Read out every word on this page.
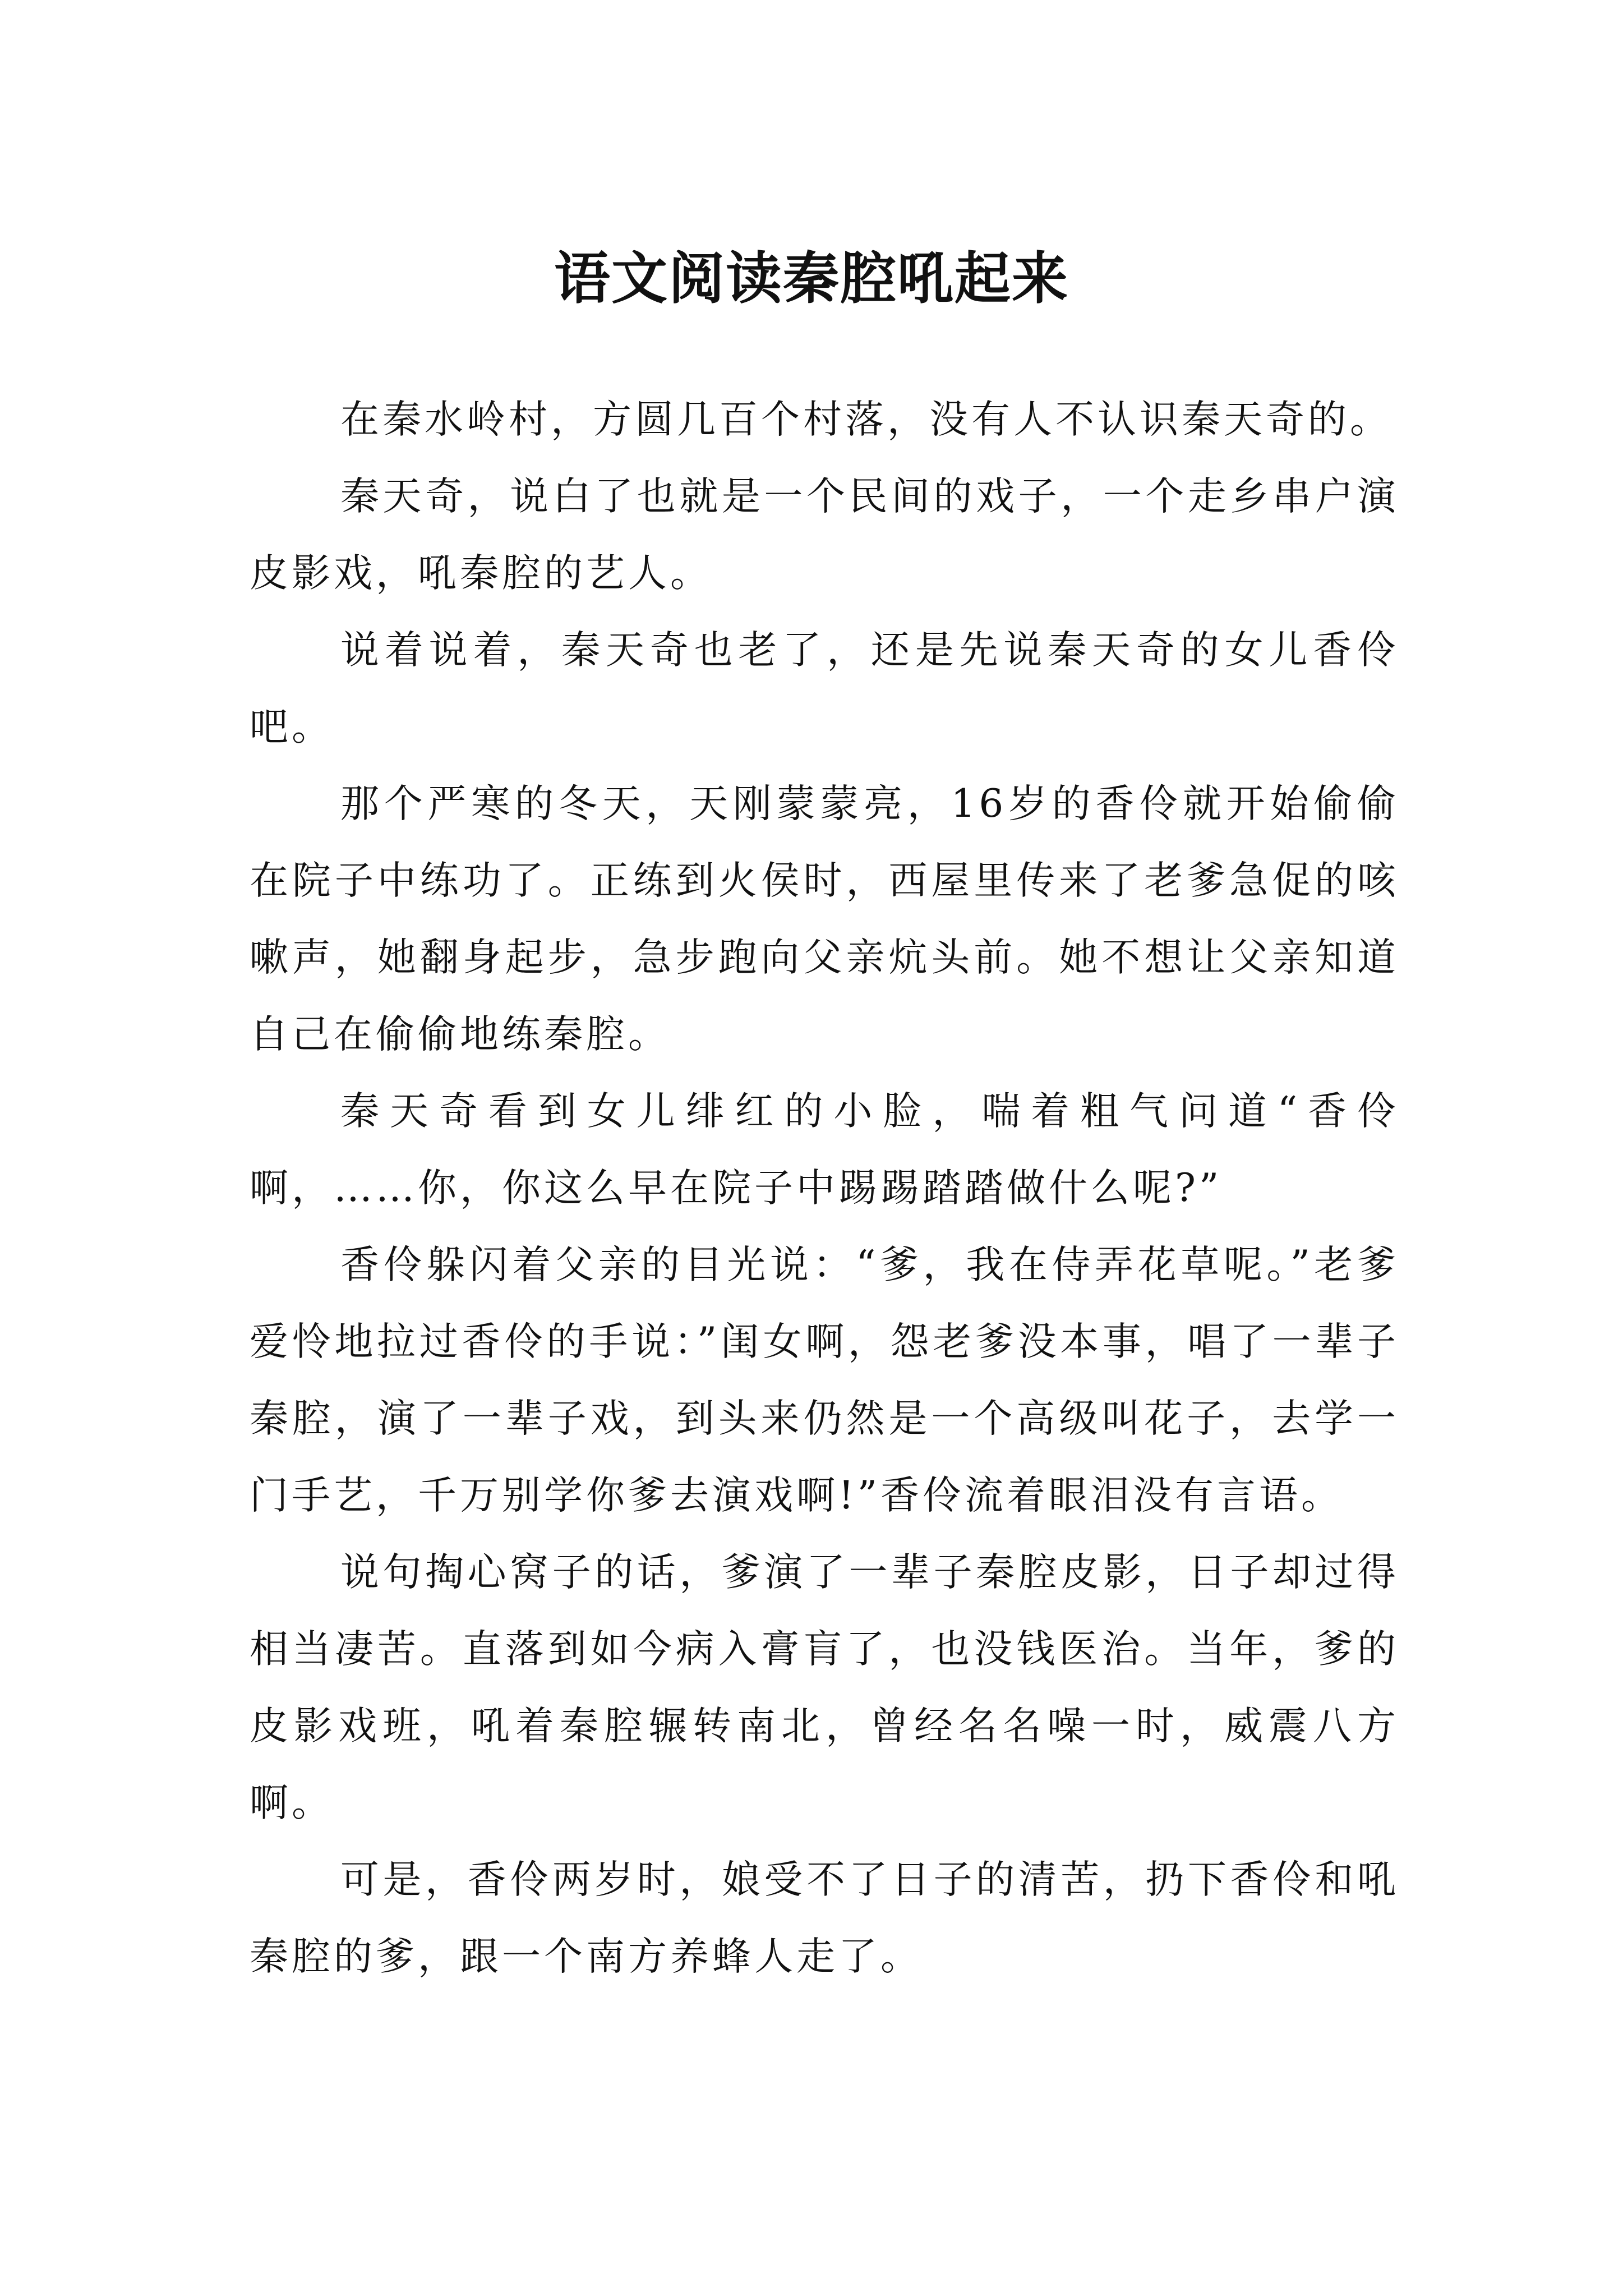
语文阅读秦腔吼起来

在秦水岭村，方圆几百个村落，没有人不认识秦天奇的。

秦天奇，说白了也就是一个民间的戏子，一个走乡串户演皮影戏，吼秦腔的艺人。

说着说着，秦天奇也老了，还是先说秦天奇的女儿香伶吧。

那个严寒的冬天，天刚蒙蒙亮，16岁的香伶就开始偷偷在院子中练功了。正练到火侯时，西屋里传来了老爹急促的咳嗽声，她翻身起步，急步跑向父亲炕头前。她不想让父亲知道自己在偷偷地练秦腔。

秦天奇看到女儿绯红的小脸，喘着粗气问道“香伶啊，……你，你这么早在院子中踢踢踏踏做什么呢?”

香伶躲闪着父亲的目光说：“爹，我在侍弄花草呢。”老爹爱怜地拉过香伶的手说：”闺女啊，怨老爹没本事，唱了一辈子秦腔，演了一辈子戏，到头来仍然是一个高级叫花子，去学一门手艺，千万别学你爹去演戏啊!”香伶流着眼泪没有言语。

说句掏心窝子的话，爹演了一辈子秦腔皮影，日子却过得相当凄苦。直落到如今病入膏肓了，也没钱医治。当年，爹的皮影戏班，吼着秦腔辗转南北，曾经名名噪一时，威震八方啊。

可是，香伶两岁时，娘受不了日子的清苦，扔下香伶和吼秦腔的爹，跟一个南方养蜂人走了。
